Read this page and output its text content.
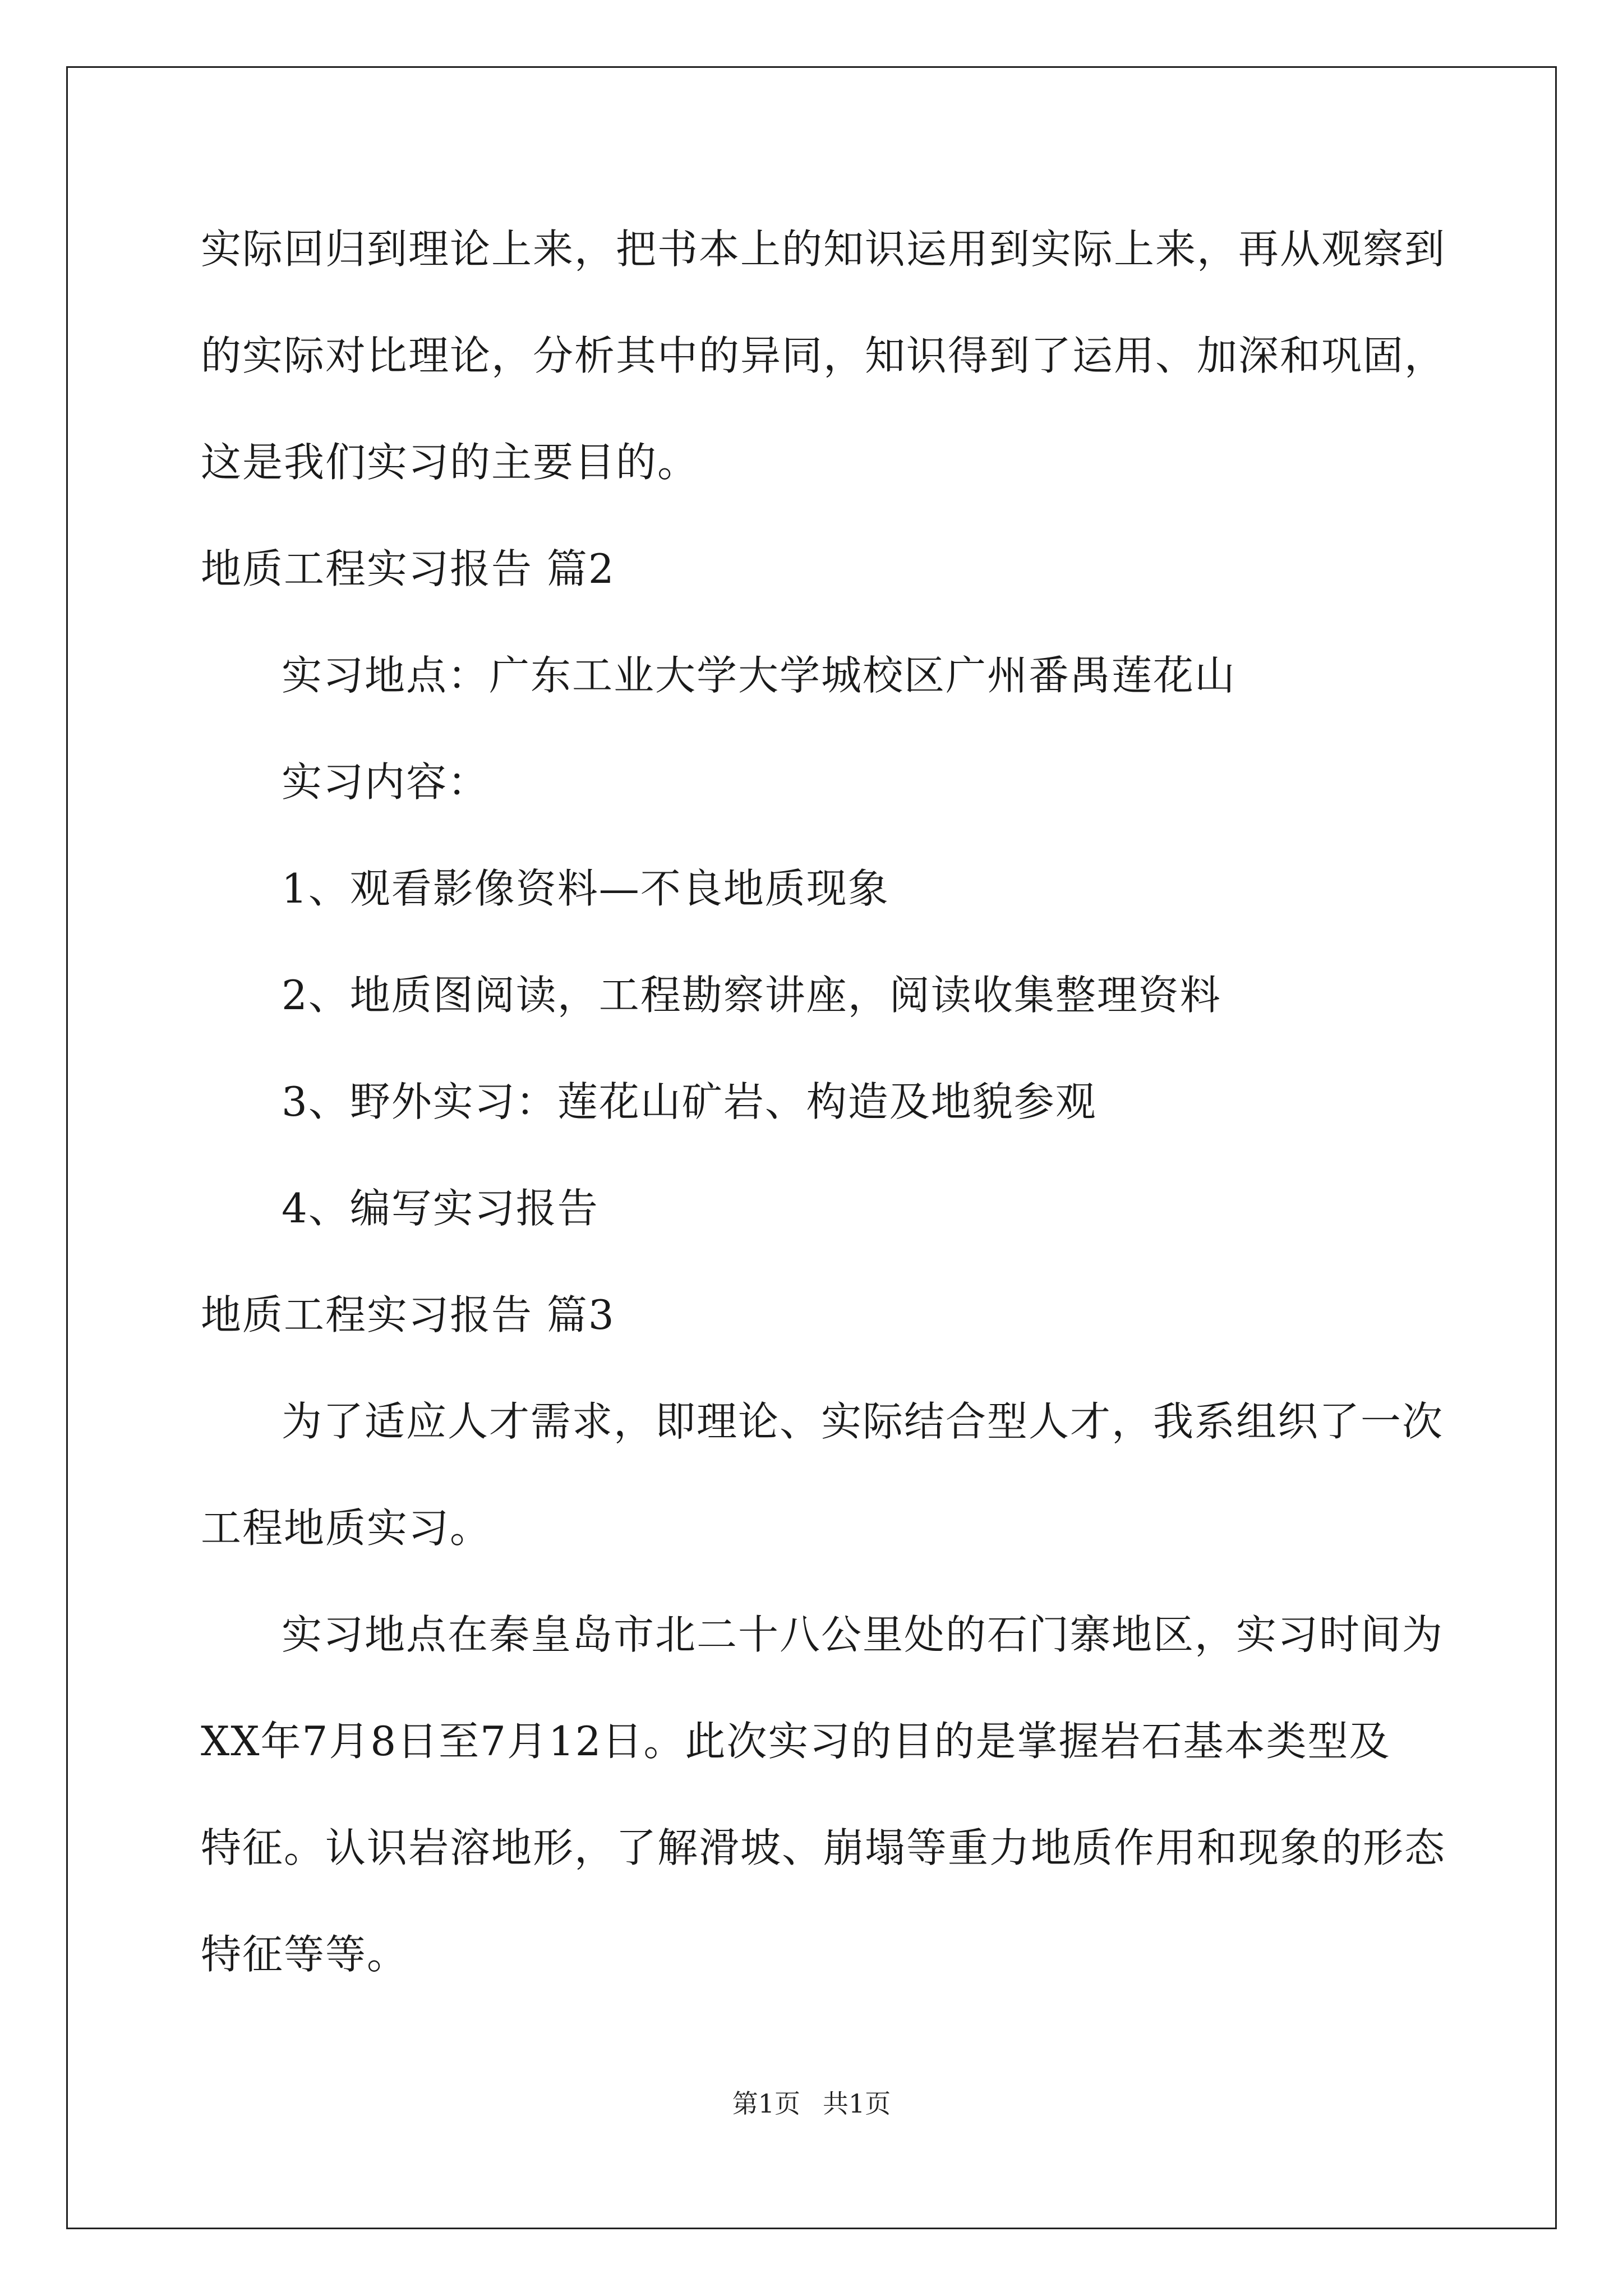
实际回归到理论上来，把书本上的知识运用到实际上来，再从观察到
的实际对比理论，分析其中的异同，知识得到了运用、加深和巩固，
这是我们实习的主要目的。
地质工程实习报告 篇2
实习地点：广东工业大学大学城校区广州番禺莲花山
实习内容：
1、观看影像资料—不良地质现象
2、地质图阅读，工程勘察讲座，阅读收集整理资料
3、野外实习：莲花山矿岩、构造及地貌参观
4、编写实习报告
地质工程实习报告 篇3
为了适应人才需求，即理论、实际结合型人才，我系组织了一次
工程地质实习。
实习地点在秦皇岛市北二十八公里处的石门寨地区，实习时间为
XX年7月8日至7月12日。此次实习的目的是掌握岩石基本类型及
特征。认识岩溶地形，了解滑坡、崩塌等重力地质作用和现象的形态
特征等等。
第1页 共1页
